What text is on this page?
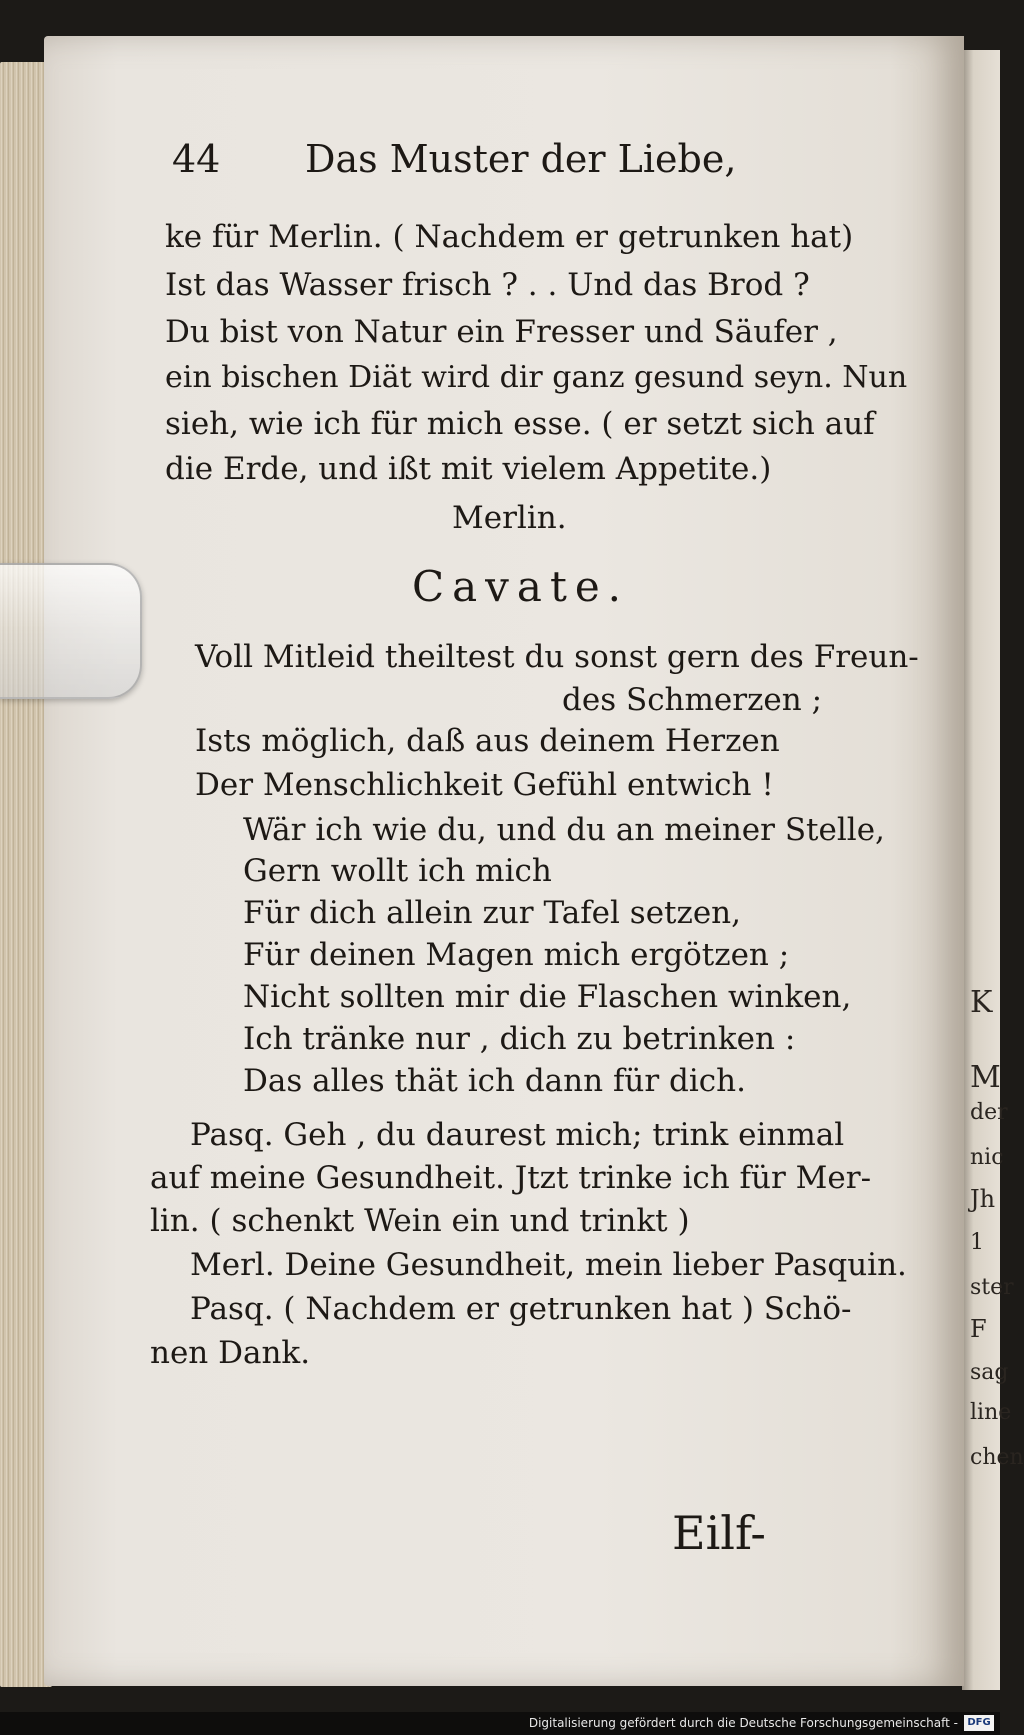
K
M
der
nic
Jh
1
ster
F
sag
line
chen
44 Das Muster der Liebe,
ke für Merlin. ( Nachdem er getrunken hat)
Ist das Wasser frisch ? . . Und das Brod ?
Du bist von Natur ein Fresser und Säufer ,
ein bischen Diät wird dir ganz gesund seyn. Nun
sieh, wie ich für mich esse. ( er setzt sich auf
die Erde, und ißt mit vielem Appetite.)
Merlin.
Cavate.
Voll Mitleid theiltest du sonst gern des Freun-
des Schmerzen ;
Ists möglich, daß aus deinem Herzen
Der Menschlichkeit Gefühl entwich !
Wär ich wie du, und du an meiner Stelle,
Gern wollt ich mich
Für dich allein zur Tafel setzen,
Für deinen Magen mich ergötzen ;
Nicht sollten mir die Flaschen winken,
Ich tränke nur , dich zu betrinken :
Das alles thät ich dann für dich.
Pasq. Geh , du daurest mich; trink einmal
auf meine Gesundheit. Jtzt trinke ich für Mer-
lin. ( schenkt Wein ein und trinkt )
Merl. Deine Gesundheit, mein lieber Pasquin.
Pasq. ( Nachdem er getrunken hat ) Schö-
nen Dank.
Eilf-
Digitalisierung gefördert durch die Deutsche Forschungsgemeinschaft - DFG
